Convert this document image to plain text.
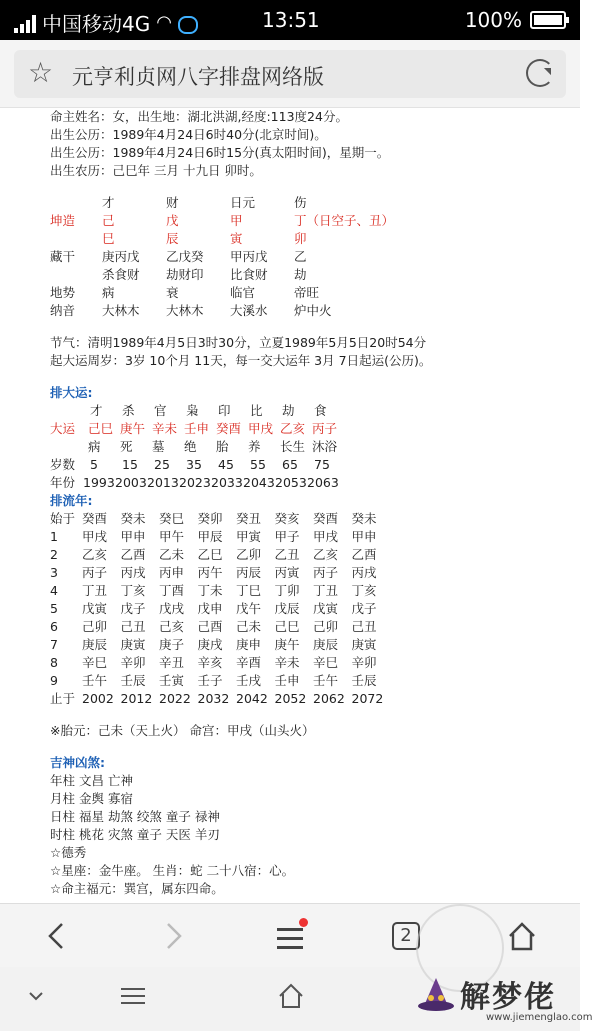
中国移动4G ◠	13:51	100%
☆ 元亨利贞网八字排盘网络版
命主姓名：女，出生地：湖北洪湖,经度:113度24分。
出生公历：1989年4月24日6时40分(北京时间)。
出生公历：1989年4月24日6时15分(真太阳时间)，星期一。
出生农历：己巳年 三月 十九日 卯时。
才	财	日元	伤
坤造 己	戊	甲	丁（日空子、丑）
巳	辰	寅	卯
藏干 庚丙戊 乙戊癸 甲丙戊 乙
杀食财 劫财印 比食财 劫
地势 病	衰	临官	帝旺
纳音 大林木 大林木 大溪水 炉中火
节气：清明1989年4月5日3时30分，立夏1989年5月5日20时54分
起大运周岁：3岁 10个月 11天，每一交大运年 3月 7日起运(公历)。
排大运:
才 杀 官 枭 印 比 劫 食
大运 己巳 庚午 辛未 壬申 癸酉 甲戌 乙亥 丙子
病 死 墓 绝 胎 养 长生 沐浴
岁数 5 15 25 35 45 55 65 75
年份 1993 2003 2013 2023 2033 2043 2053 2063
排流年:
始于 癸酉 癸未 癸巳 癸卯 癸丑 癸亥 癸酉 癸未
1 甲戌 甲申 甲午 甲辰 甲寅 甲子 甲戌 甲申
2 乙亥 乙酉 乙未 乙巳 乙卯 乙丑 乙亥 乙酉
3 丙子 丙戌 丙申 丙午 丙辰 丙寅 丙子 丙戌
4 丁丑 丁亥 丁酉 丁未 丁巳 丁卯 丁丑 丁亥
5 戊寅 戊子 戊戌 戊申 戊午 戊辰 戊寅 戊子
6 己卯 己丑 己亥 己酉 己未 己巳 己卯 己丑
7 庚辰 庚寅 庚子 庚戌 庚申 庚午 庚辰 庚寅
8 辛巳 辛卯 辛丑 辛亥 辛酉 辛未 辛巳 辛卯
9 壬午 壬辰 壬寅 壬子 壬戌 壬申 壬午 壬辰
止于 2002 2012 2022 2032 2042 2052 2062 2072
※胎元：己未（天上火） 命宫：甲戌（山头火）
吉神凶煞:
年柱 文昌 亡神
月柱 金舆 寡宿
日柱 福星 劫煞 绞煞 童子 禄神
时柱 桃花 灾煞 童子 天医 羊刃
☆德秀
☆星座：金牛座。 生肖：蛇 二十八宿：心。
☆命主福元：巽宫，属东四命。
2
解梦佬
www.jiemenglao.com
